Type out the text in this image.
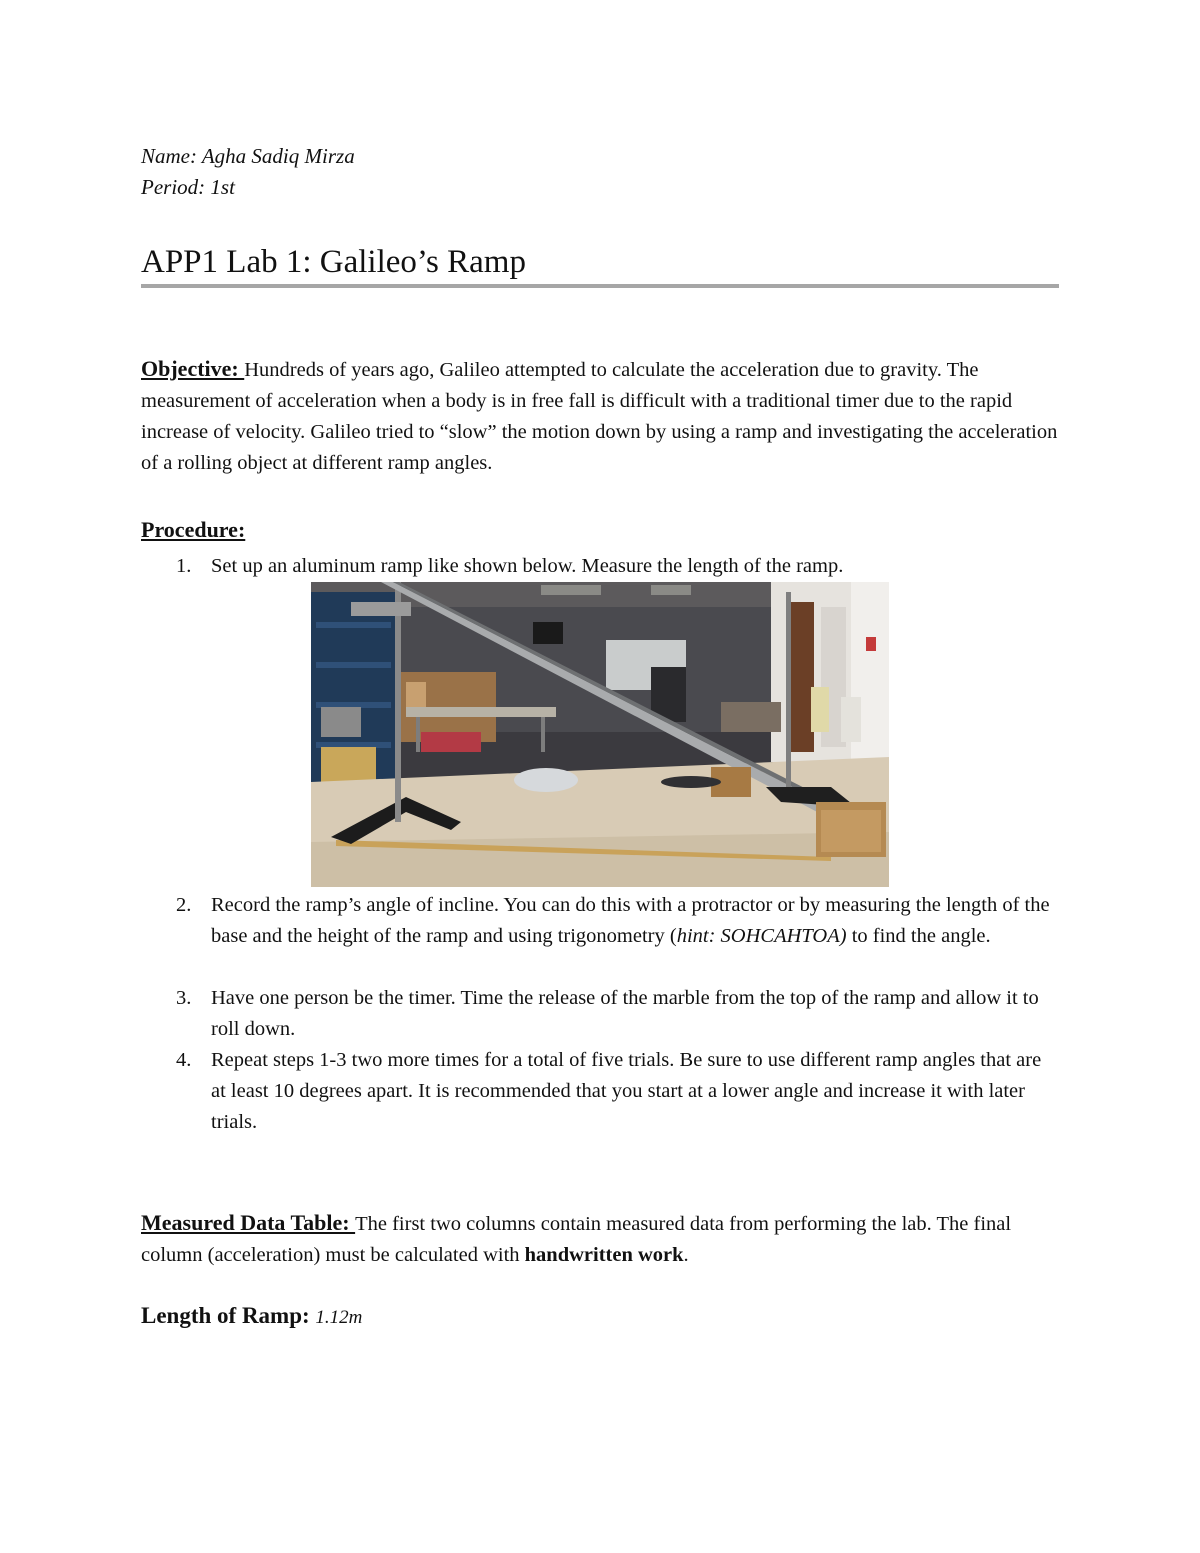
Name: Agha Sadiq Mirza
Period: 1st
APP1 Lab 1: Galileo’s Ramp

Objective: Hundreds of years ago, Galileo attempted to calculate the acceleration due to gravity. The measurement of acceleration when a body is in free fall is difficult with a traditional timer due to the rapid increase of velocity. Galileo tried to “slow” the motion down by using a ramp and investigating the acceleration of a rolling object at different ramp angles.

Procedure:
1. Set up an aluminum ramp like shown below. Measure the length of the ramp.
2. Record the ramp’s angle of incline. You can do this with a protractor or by measuring the length of the base and the height of the ramp and using trigonometry (hint: SOHCAHTOA) to find the angle.
3. Have one person be the timer. Time the release of the marble from the top of the ramp and allow it to roll down.
4. Repeat steps 1-3 two more times for a total of five trials. Be sure to use different ramp angles that are at least 10 degrees apart. It is recommended that you start at a lower angle and increase it with later trials.

Measured Data Table: The first two columns contain measured data from performing the lab. The final column (acceleration) must be calculated with handwritten work.

Length of Ramp: 1.12m
